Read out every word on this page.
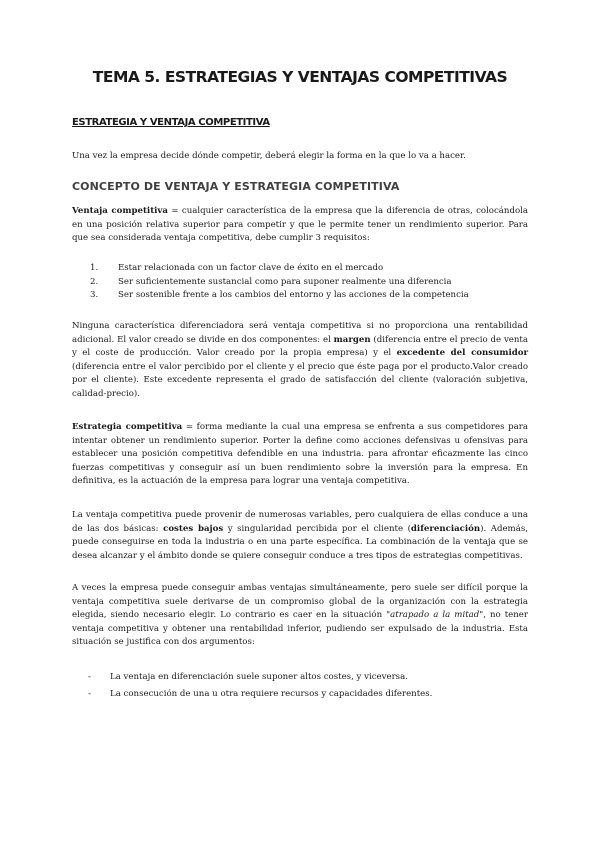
TEMA 5. ESTRATEGIAS Y VENTAJAS COMPETITIVAS
ESTRATEGIA Y VENTAJA COMPETITIVA

Una vez la empresa decide dónde competir, deberá elegir la forma en la que lo va a hacer.

CONCEPTO DE VENTAJA Y ESTRATEGIA COMPETITIVA

Ventaja competitiva = cualquier característica de la empresa que la diferencia de otras, colocándola en una posición relativa superior para competir y que le permite tener un rendimiento superior. Para que sea considerada ventaja competitiva, debe cumplir 3 requisitos:

1.	Estar relacionada con un factor clave de éxito en el mercado
2.	Ser suficientemente sustancial como para suponer realmente una diferencia
3.	Ser sostenible frente a los cambios del entorno y las acciones de la competencia

Ninguna característica diferenciadora será ventaja competitiva si no proporciona una rentabilidad adicional. El valor creado se divide en dos componentes: el margen (diferencia entre el precio de venta y el coste de producción. Valor creado por la propia empresa) y el excedente del consumidor (diferencia entre el valor percibido por el cliente y el precio que éste paga por el producto.Valor creado por el cliente). Este excedente representa el grado de satisfacción del cliente (valoración subjetiva, calidad-precio).

Estrategia competitiva = forma mediante la cual una empresa se enfrenta a sus competidores para intentar obtener un rendimiento superior. Porter la define como acciones defensivas u ofensivas para establecer una posición competitiva defendible en una industria. para afrontar eficazmente las cinco fuerzas competitivas y conseguir así un buen rendimiento sobre la inversión para la empresa. En definitiva, es la actuación de la empresa para lograr una ventaja competitiva.

La ventaja competitiva puede provenir de numerosas variables, pero cualquiera de ellas conduce a una de las dos básicas: costes bajos y singularidad percibida por el cliente (diferenciación). Además, puede conseguirse en toda la industria o en una parte específica. La combinación de la ventaja que se desea alcanzar y el ámbito donde se quiere conseguir conduce a tres tipos de estrategias competitivas.

A veces la empresa puede conseguir ambas ventajas simultáneamente, pero suele ser difícil porque la ventaja competitiva suele derivarse de un compromiso global de la organización con la estrategia elegida, siendo necesario elegir. Lo contrario es caer en la situación "atrapado a la mitad", no tener ventaja competitiva y obtener una rentabilidad inferior, pudiendo ser expulsado de la industria. Esta situación se justifica con dos argumentos:

-	La ventaja en diferenciación suele suponer altos costes, y viceversa.
-	La consecución de una u otra requiere recursos y capacidades diferentes.
